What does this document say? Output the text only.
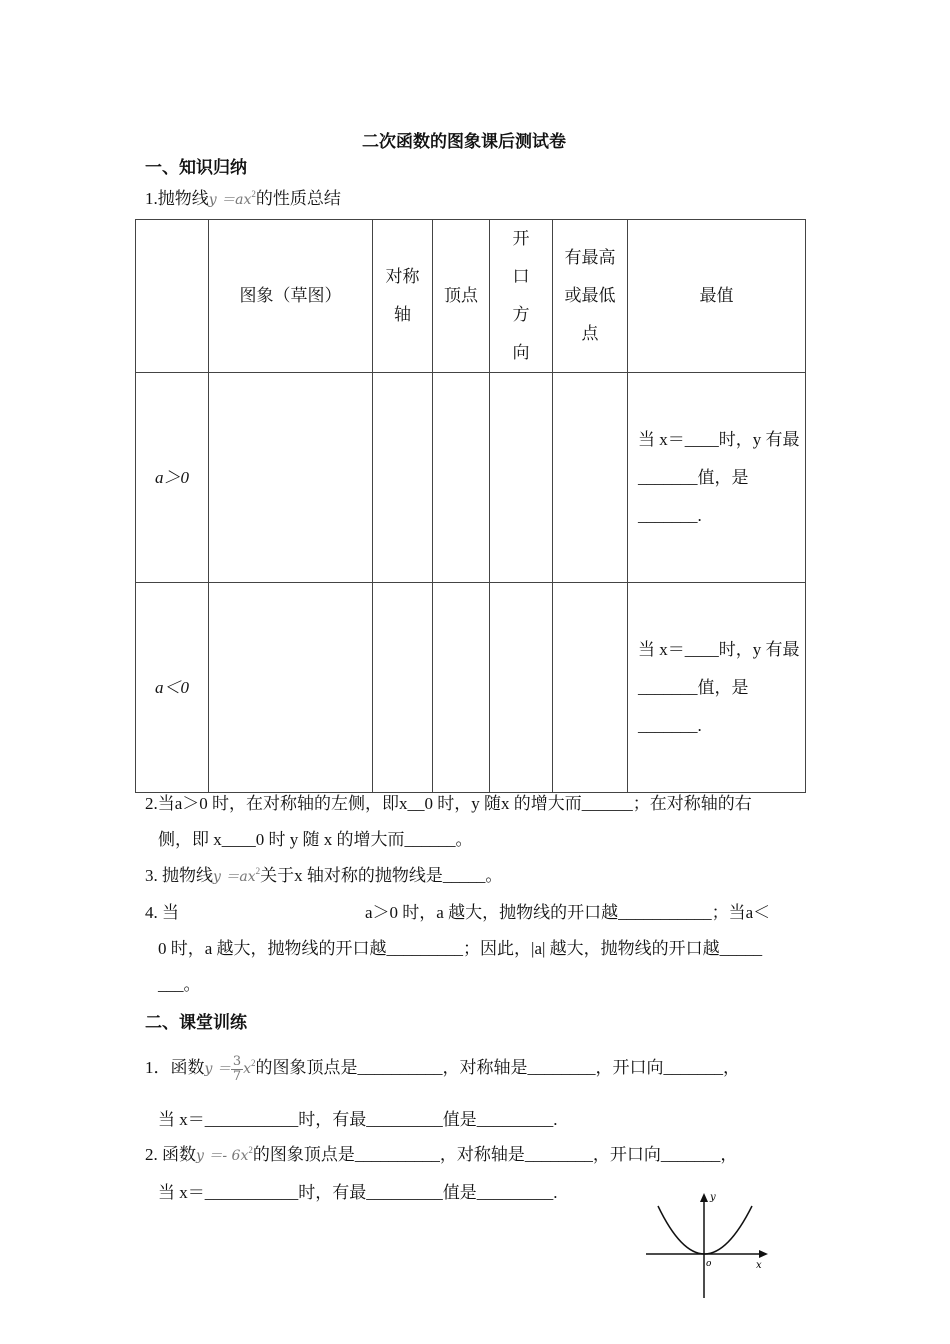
二次函数的图象课后测试卷
一、知识归纳
1.抛物线$y =ax^2$的性质总结
	图象（草图）	对称轴	顶点	开口方向	有最高或最低点	最值
a＞0						当 x＝____时，y 有最_______值，是_______.
a＜0						当 x＝____时，y 有最_______值，是_______.
2.当a＞0 时，在对称轴的左侧，即x__0 时，y 随x 的增大而______；在对称轴的右
侧，即 x____0 时 y 随 x 的增大而______。
3. 抛物线$y =ax^2$关于x 轴对称的抛物线是_____。
4. 当	a＞0 时，a 越大，抛物线的开口越___________；当a＜
0 时，a 越大，抛物线的开口越_________；因此，|a| 越大，抛物线的开口越_____
___。
二、课堂训练
1．函数$y = \frac{3}{7} x^2$的图象顶点是__________，对称轴是________，开口向_______，
当 x＝___________时，有最_________值是_________.
2. 函数$y =- 6x^2$的图象顶点是__________，对称轴是________，开口向_______，
当 x＝___________时，有最_________值是_________.	y
x
o
